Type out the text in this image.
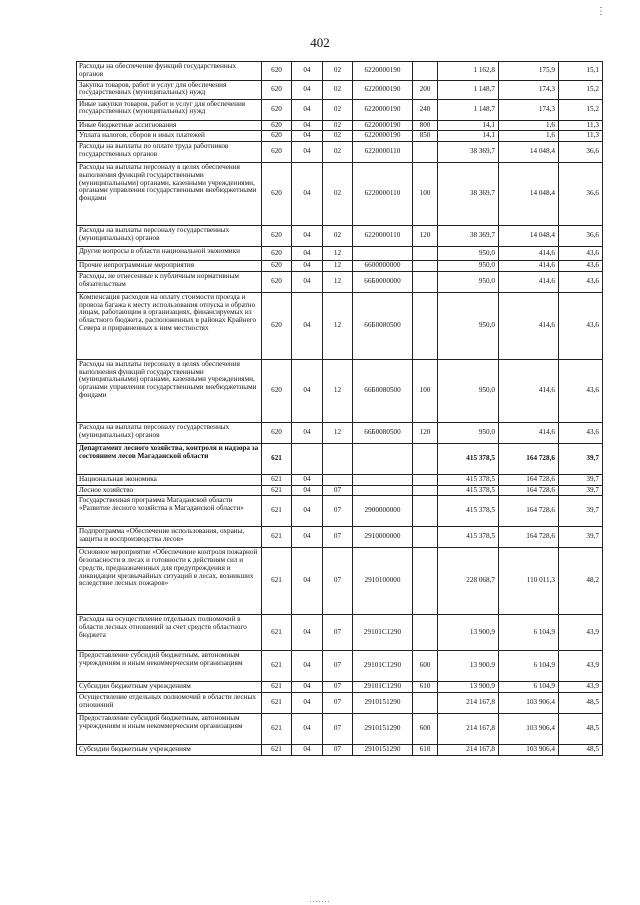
⋮
402
Расходы на обеспечение функций государственных органов	620	04	02	6220000190		1 162,8	175,9	15,1
Закупка товаров, работ и услуг для обеспечения государственных (муниципальных) нужд	620	04	02	6220000190	200	1 148,7	174,3	15,2
Иные закупки товаров, работ и услуг для обеспечения государственных (муниципальных) нужд	620	04	02	6220000190	240	1 148,7	174,3	15,2
Иные бюджетные ассигнования	620	04	02	6220000190	800	14,1	1,6	11,3
Уплата налогов, сборов и иных платежей	620	04	02	6220000190	850	14,1	1,6	11,3
Расходы на выплаты по оплате труда работников государственных органов	620	04	02	6220000110		38 369,7	14 048,4	36,6
Расходы на выплаты персоналу в целях обеспечения выполнения функций государственными (муниципальными) органами, казенными учреждениями, органами управления государственными внебюджетными фондами	620	04	02	6220000110	100	38 369,7	14 048,4	36,6
Расходы на выплаты персоналу государственных (муниципальных) органов	620	04	02	6220000110	120	38 369,7	14 048,4	36,6
Другие вопросы в области национальной экономики	620	04	12			950,0	414,6	43,6
Прочие непрограммные мероприятия	620	04	12	6600000000		950,0	414,6	43,6
Расходы, не отнесенные к публичным нормативным обязательствам	620	04	12	66Б0000000		950,0	414,6	43,6
Компенсация расходов на оплату стоимости проезда и провоза багажа к месту использования отпуска и обратно лицам, работающим в организациях, финансируемых из областного бюджета, расположенных в районах Крайнего Севера и приравненных к ним местностях	620	04	12	66Б0080500		950,0	414,6	43,6
Расходы на выплаты персоналу в целях обеспечения выполнения функций государственными (муниципальными) органами, казенными учреждениями, органами управления государственными внебюджетными фондами	620	04	12	66Б0080500	100	950,0	414,6	43,6
Расходы на выплаты персоналу государственных (муниципальных) органов	620	04	12	66Б0080500	120	950,0	414,6	43,6
Департамент лесного хозяйства, контроля и надзора за состоянием лесов Магаданской области	621					415 378,5	164 728,6	39,7
Национальная экономика	621	04				415 378,5	164 728,6	39,7
Лесное хозяйство	621	04	07			415 378,5	164 728,6	39,7
Государственная программа Магаданской области «Развитие лесного хозяйства в Магаданской области»	621	04	07	2900000000		415 378,5	164 728,6	39,7
Подпрограмма «Обеспечение использования, охраны, защиты и воспроизводства лесов»	621	04	07	2910000000		415 378,5	164 728,6	39,7
Основное мероприятие «Обеспечение контроля пожарной безопасности в лесах и готовности к действиям сил и средств, предназначенных для предупреждения и ликвидации чрезвычайных ситуаций в лесах, возникших вследствие лесных пожаров»	621	04	07	2910100000		228 068,7	110 011,3	48,2
Расходы на осуществление отдельных полномочий в области лесных отношений за счет средств областного бюджета	621	04	07	29101С1290		13 900,9	6 104,9	43,9
Предоставление субсидий бюджетным, автономным учреждениям и иным некоммерческим организациям	621	04	07	29101С1290	600	13 900,9	6 104,9	43,9
Субсидии бюджетным учреждениям	621	04	07	29101С1290	610	13 900,9	6 104,9	43,9
Осуществление отдельных полномочий в области лесных отношений	621	04	07	2910151290		214 167,8	103 906,4	48,5
Предоставление субсидий бюджетным, автономным учреждениям и иным некоммерческим организациям	621	04	07	2910151290	600	214 167,8	103 906,4	48,5
Субсидии бюджетным учреждениям	621	04	07	2910151290	610	214 167,8	103 906,4	48,5
.......
